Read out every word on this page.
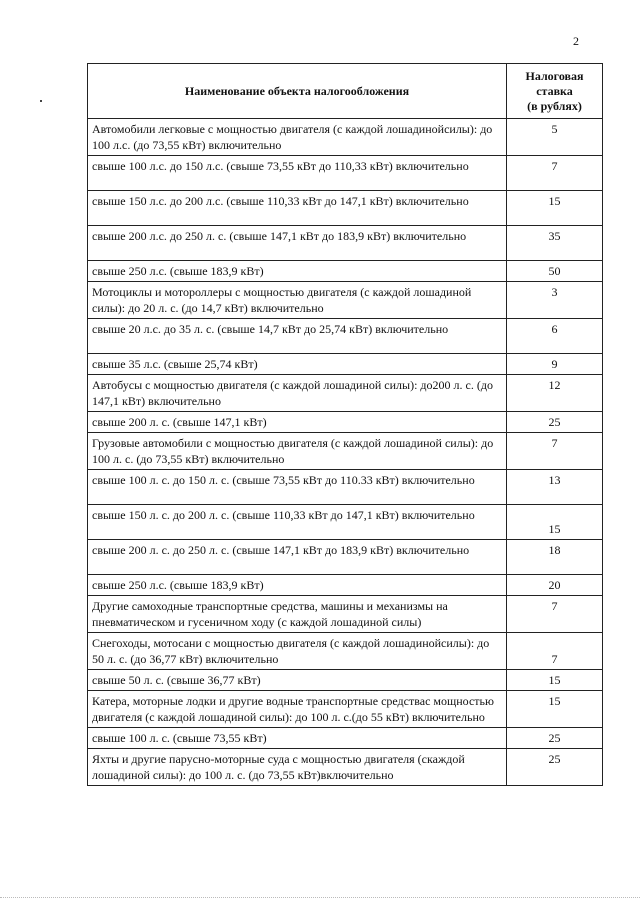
2
Наименование объекта налогообложения	Налоговая
ставка
(в рублях)

Автомобили легковые с мощностью двигателя (с каждой лошадинойсилы): до 100 л.с. (до 73,55 кВт) включительно	5
свыше 100 л.с. до 150 л.с. (свыше 73,55 кВт до 110,33 кВт) включительно	7
свыше 150 л.с. до 200 л.с. (свыше 110,33 кВт до 147,1 кВт) включительно	15
свыше 200 л.с. до 250 л. с. (свыше 147,1 кВт до 183,9 кВт) включительно	35
свыше 250 л.с. (свыше 183,9 кВт)	50
Мотоциклы и мотороллеры с мощностью двигателя (с каждой лошадиной силы): до 20 л. с. (до 14,7 кВт) включительно	3
свыше 20 л.с. до 35 л. с. (свыше 14,7 кВт до 25,74 кВт) включительно	6
свыше 35 л.с. (свыше 25,74 кВт)	9
Автобусы с мощностью двигателя (с каждой лошадиной силы): до200 л. с. (до 147,1 кВт) включительно	12
свыше 200 л. с. (свыше 147,1 кВт)	25
Грузовые автомобили с мощностью двигателя (с каждой лошадиной силы): до 100 л. с. (до 73,55 кВт) включительно	7
свыше 100 л. с. до 150 л. с. (свыше 73,55 кВт до 110.33 кВт) включительно	13
свыше 150 л. с. до 200 л. с. (свыше 110,33 кВт до 147,1 кВт) включительно	15
свыше 200 л. с. до 250 л. с. (свыше 147,1 кВт до 183,9 кВт) включительно	18
свыше 250 л.с. (свыше 183,9 кВт)	20
Другие самоходные транспортные средства, машины и механизмы на пневматическом и гусеничном ходу (с каждой лошадиной силы)	7
Снегоходы, мотосани с мощностью двигателя (с каждой лошадинойсилы): до 50 л. с. (до 36,77 кВт) включительно	7
свыше 50 л. с. (свыше 36,77 кВт)	15
Катера, моторные лодки и другие водные транспортные средствас мощностью двигателя (с каждой лошадиной силы): до 100 л. с.(до 55 кВт) включительно	15
свыше 100 л. с. (свыше 73,55 кВт)	25
Яхты и другие парусно-моторные суда с мощностью двигателя (скаждой лошадиной силы): до 100 л. с. (до 73,55 кВт)включительно	25
